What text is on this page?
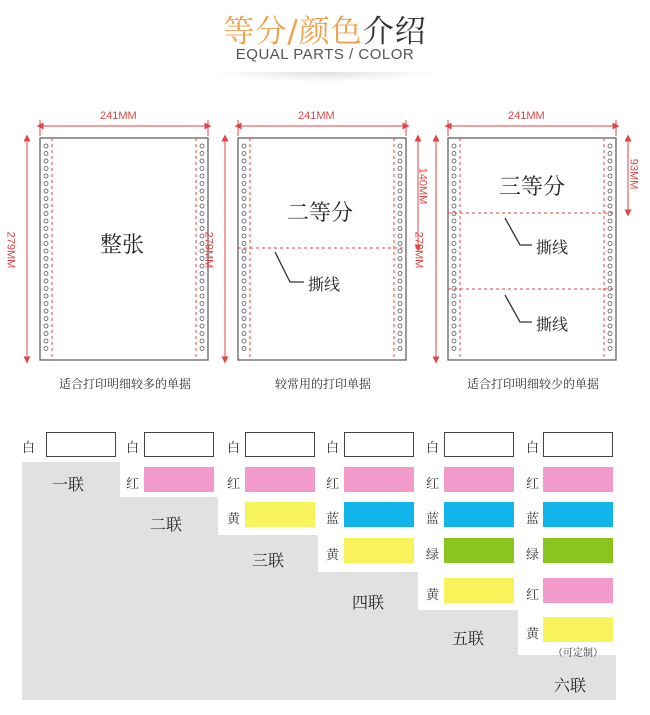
等分/颜色介绍
EQUAL PARTS / COLOR
241MM
279MM	整张
适合打印明细较多的单据
241MM
279MM
140MM
二等分
撕线
较常用的打印单据
241MM
279MM
93MM
三等分
撕线
撕线
适合打印明细较少的单据
一联
二联
三联
四联
五联
六联
白	白
红
白
红
黄
白
红
蓝
黄
白
红
蓝
绿
黄
白
红
蓝
绿
红
黄
（可定制）
